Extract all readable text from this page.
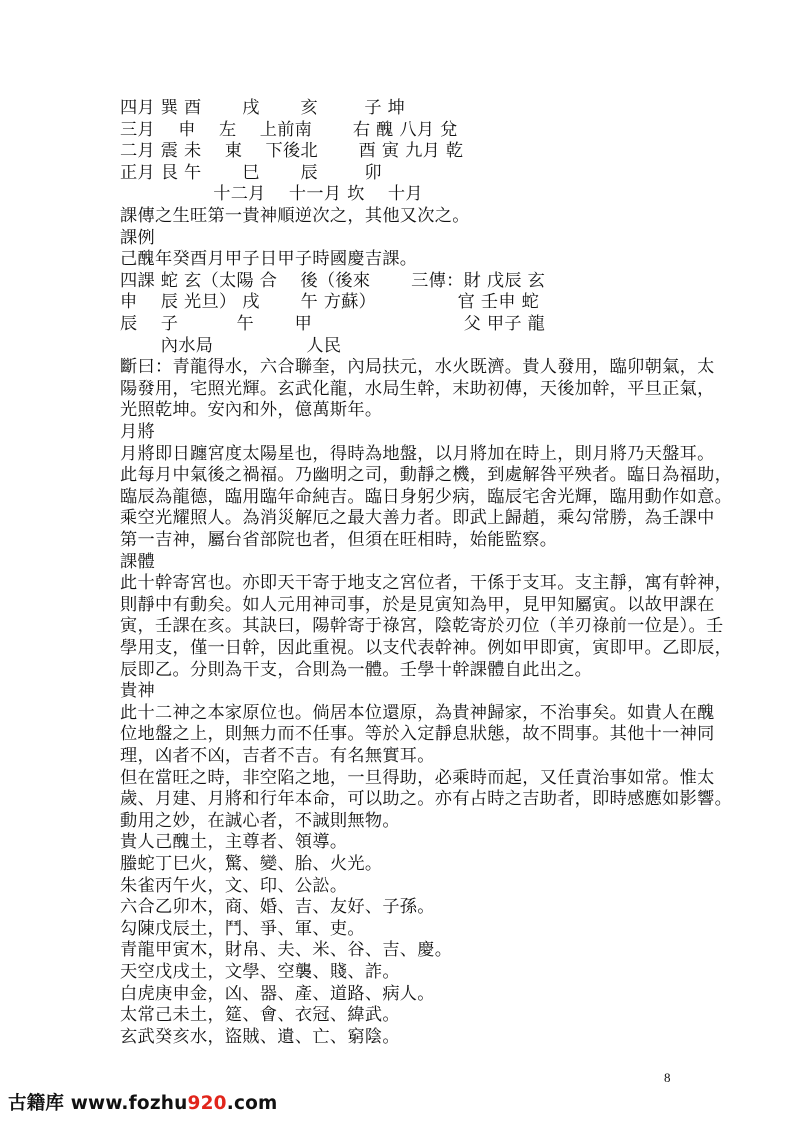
四月 巽 酉 　　戌 　　亥 　　 子 坤
三月 　申 　左 　上前南 　　右 醜 八月 兌
二月 震 未 　東 　下後北 　　酉 寅 九月 乾
正月 艮 午 　　巳 　　辰 　　 卯
　　　　　 十二月 　十一月 坎 　十月
課傳之生旺第一貴神順逆次之，其他又次之。
課例
己醜年癸酉月甲子日甲子時國慶吉課。
四課 蛇 玄（太陽 合 　後（後來 　　三傳：財 戊辰 玄
申 　辰 光旦） 戌 　　午 方蘇） 　　　　 官 壬申 蛇
辰 　子 　　　午 　　甲 　　　　　　　　 父 甲子 龍
　　 內水局 　　　　　人民
斷曰：青龍得水，六合聯奎，內局扶元，水火既濟。貴人發用，臨卯朝氣，太
陽發用，宅照光輝。玄武化龍，水局生幹，末助初傳，天後加幹，平旦正氣，
光照乾坤。安內和外，億萬斯年。
月將
月將即日躔宮度太陽星也，得時為地盤，以月將加在時上，則月將乃天盤耳。
此每月中氣後之禍福。乃幽明之司，動靜之機，到處解咎平殃者。臨日為福助，
臨辰為龍德，臨用臨年命純吉。臨日身躬少病，臨辰宅舍光輝，臨用動作如意。
乘空光耀照人。為消災解厄之最大善力者。即武上歸趙，乘勾常勝，為壬課中
第一吉神，屬台省部院也者，但須在旺相時，始能監察。
課體
此十幹寄宮也。亦即天干寄于地支之宮位者，干係于支耳。支主靜，寓有幹神，
則靜中有動矣。如人元用神司事，於是見寅知為甲，見甲知屬寅。以故甲課在
寅，壬課在亥。其訣曰，陽幹寄于祿宮，陰乾寄於刃位（羊刃祿前一位是）。壬
學用支，僅一日幹，因此重視。以支代表幹神。例如甲即寅，寅即甲。乙即辰，
辰即乙。分則為干支，合則為一體。壬學十幹課體自此出之。
貴神
此十二神之本家原位也。倘居本位還原，為貴神歸家，不治事矣。如貴人在醜
位地盤之上，則無力而不任事。等於入定靜息狀態，故不問事。其他十一神同
理，凶者不凶，吉者不吉。有名無實耳。
但在當旺之時，非空陷之地，一旦得助，必乘時而起，又任責治事如常。惟太
歲、月建、月將和行年本命，可以助之。亦有占時之吉助者，即時感應如影響。
動用之妙，在誠心者，不誠則無物。
貴人己醜土，主尊者、領導。
螣蛇丁巳火，驚、變、胎、火光。
朱雀丙午火，文、印、公訟。
六合乙卯木，商、婚、吉、友好、子孫。
勾陳戊辰土，鬥、爭、軍、吏。
青龍甲寅木，財帛、夫、米、谷、吉、慶。
天空戊戌土，文學、空襲、賤、詐。
白虎庚申金，凶、器、產、道路、病人。
8
古籍库 www.fozhu920.com
太常己未土，筵、會、衣冠、緯武。
玄武癸亥水，盜賊、遺、亡、窮陰。
